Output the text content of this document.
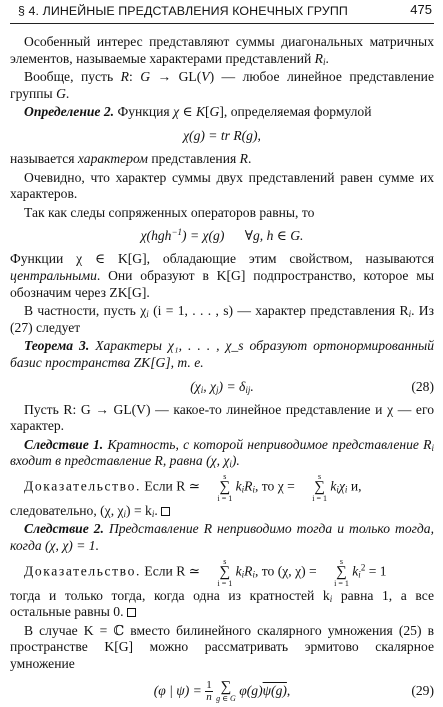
§ 4. ЛИНЕЙНЫЕ ПРЕДСТАВЛЕНИЯ КОНЕЧНЫХ ГРУПП	475

Особенный интерес представляют суммы диагональных матричных элементов, называемые характерами представлений $R_i$.

Вообще, пусть R: G → GL(V) — любое линейное представление группы G.

Определение 2. Функция χ ∈ K[G], определяемая формулой

χ(g) = tr R(g),

называется характером представления R.

Очевидно, что характер суммы двух представлений равен сумме их характеров.

Так как следы сопряженных операторов равны, то

χ(hgh$^{-1}$) = χ(g) ∀g, h ∈ G.

Функции χ ∈ K[G], обладающие этим свойством, называются центральными. Они образуют в K[G] подпространство, которое мы обозначим через ZK[G].

В частности, пусть $\chi_i$ (i = 1, . . . , s) — характер представления $R_i$. Из (27) следует

Теорема 3. Характеры χ₁, . . . , χ_s образуют ортонормированный базис пространства ZK[G], т. е.

($\chi_i$, $\chi_j) = \delta_{ij}$.	(28)

Пусть R: G → GL(V) — какое-то линейное представление и χ — его характер.

Следствие 1. Кратность, с которой неприводимое представление $R_i$ входит в представление R, равна (χ, $\chi_i$).

Доказательство. Если R ≃
s
∑
i = 1
$k_iR_i$, то χ =
s
∑
i = 1
$k_i\chi_i$ и,
следовательно, (χ, $\chi_i) = k_i$.

Следствие 2. Представление R неприводимо тогда и только тогда, когда (χ, χ) = 1.

Доказательство. Если R ≃
s
∑
i = 1
$k_iR_i$, то (χ, χ) =
s
∑
i = 1
$k_i^2 = 1$
тогда и только тогда, когда одна из кратностей $k_i$ равна 1, а все остальные равны 0.

В случае K = ℂ вместо билинейного скалярного умножения (25) в пространстве K[G] можно рассматривать эрмитово скалярное умножение

(φ | $\psi) = \frac{1}{n}$
∑
g ∈ G
φ(g)ψ(g),	(29)
